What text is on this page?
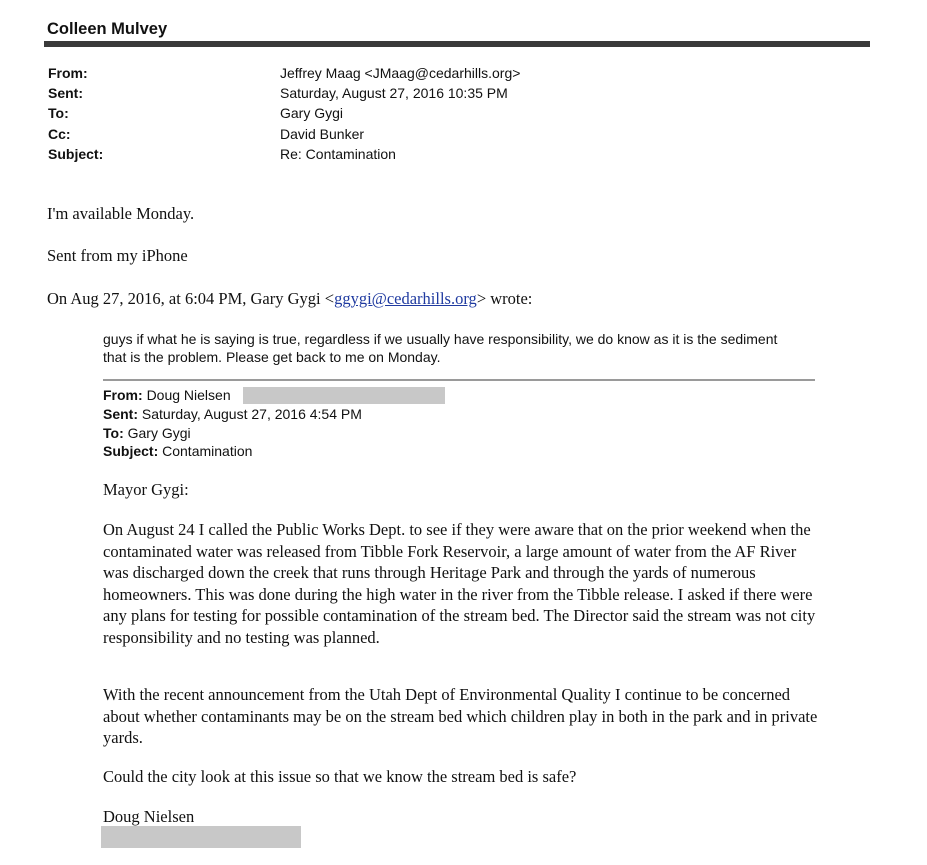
Colleen Mulvey
From:	Jeffrey Maag <JMaag@cedarhills.org>
Sent:	Saturday, August 27, 2016 10:35 PM
To:	Gary Gygi
Cc:	David Bunker
Subject:	Re: Contamination
I'm available Monday.
Sent from my iPhone
On Aug 27, 2016, at 6:04 PM, Gary Gygi <ggygi@cedarhills.org> wrote:
guys if what he is saying is true, regardless if we usually have responsibility, we do know as it is the sediment that is the problem. Please get back to me on Monday.
From: Doug Nielsen
Sent: Saturday, August 27, 2016 4:54 PM
To: Gary Gygi
Subject: Contamination
Mayor Gygi:
On August 24 I called the Public Works Dept. to see if they were aware that on the prior weekend when the contaminated water was released from Tibble Fork Reservoir, a large amount of water from the AF River was discharged down the creek that runs through Heritage Park and through the yards of numerous homeowners. This was done during the high water in the river from the Tibble release. I asked if there were any plans for testing for possible contamination of the stream bed. The Director said the stream was not city responsibility and no testing was planned.
With the recent announcement from the Utah Dept of Environmental Quality I continue to be concerned about whether contaminants may be on the stream bed which children play in both in the park and in private yards.
Could the city look at this issue so that we know the stream bed is safe?
Doug Nielsen
